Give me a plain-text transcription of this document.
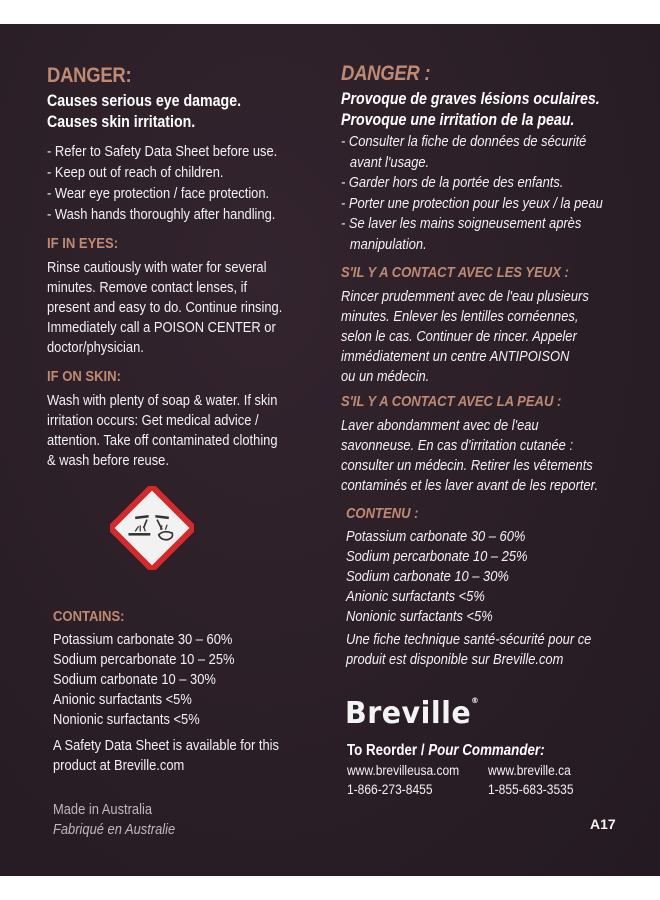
DANGER:
Causes serious eye damage.
Causes skin irritation.
- Refer to Safety Data Sheet before use.
- Keep out of reach of children.
- Wear eye protection / face protection.
- Wash hands thoroughly after handling.
IF IN EYES:
Rinse cautiously with water for several
minutes. Remove contact lenses, if
present and easy to do. Continue rinsing.
Immediately call a POISON CENTER or
doctor/physician.
IF ON SKIN:
Wash with plenty of soap & water. If skin
irritation occurs: Get medical advice /
attention. Take off contaminated clothing
& wash before reuse.
CONTAINS:
Potassium carbonate 30 – 60%
Sodium percarbonate 10 – 25%
Sodium carbonate 10 – 30%
Anionic surfactants <5%
Nonionic surfactants <5%
A Safety Data Sheet is available for this
product at Breville.com
Made in Australia
Fabriqué en Australie
DANGER :
Provoque de graves lésions oculaires.
Provoque une irritation de la peau.
- Consulter la fiche de données de sécurité
avant l'usage.
- Garder hors de la portée des enfants.
- Porter une protection pour les yeux / la peau
- Se laver les mains soigneusement après
manipulation.
S'IL Y A CONTACT AVEC LES YEUX :
Rincer prudemment avec de l'eau plusieurs
minutes. Enlever les lentilles cornéennes,
selon le cas. Continuer de rincer. Appeler
immédiatement un centre ANTIPOISON
ou un médecin.
S'IL Y A CONTACT AVEC LA PEAU :
Laver abondamment avec de l'eau
savonneuse. En cas d'irritation cutanée :
consulter un médecin. Retirer les vêtements
contaminés et les laver avant de les reporter.
CONTENU :
Potassium carbonate 30 – 60%
Sodium percarbonate 10 – 25%
Sodium carbonate 10 – 30%
Anionic surfactants <5%
Nonionic surfactants <5%
Une fiche technique santé-sécurité pour ce
produit est disponible sur Breville.com
Breville®
To Reorder / Pour Commander:
www.brevilleusa.com
1-866-273-8455
www.breville.ca
1-855-683-3535
A17
